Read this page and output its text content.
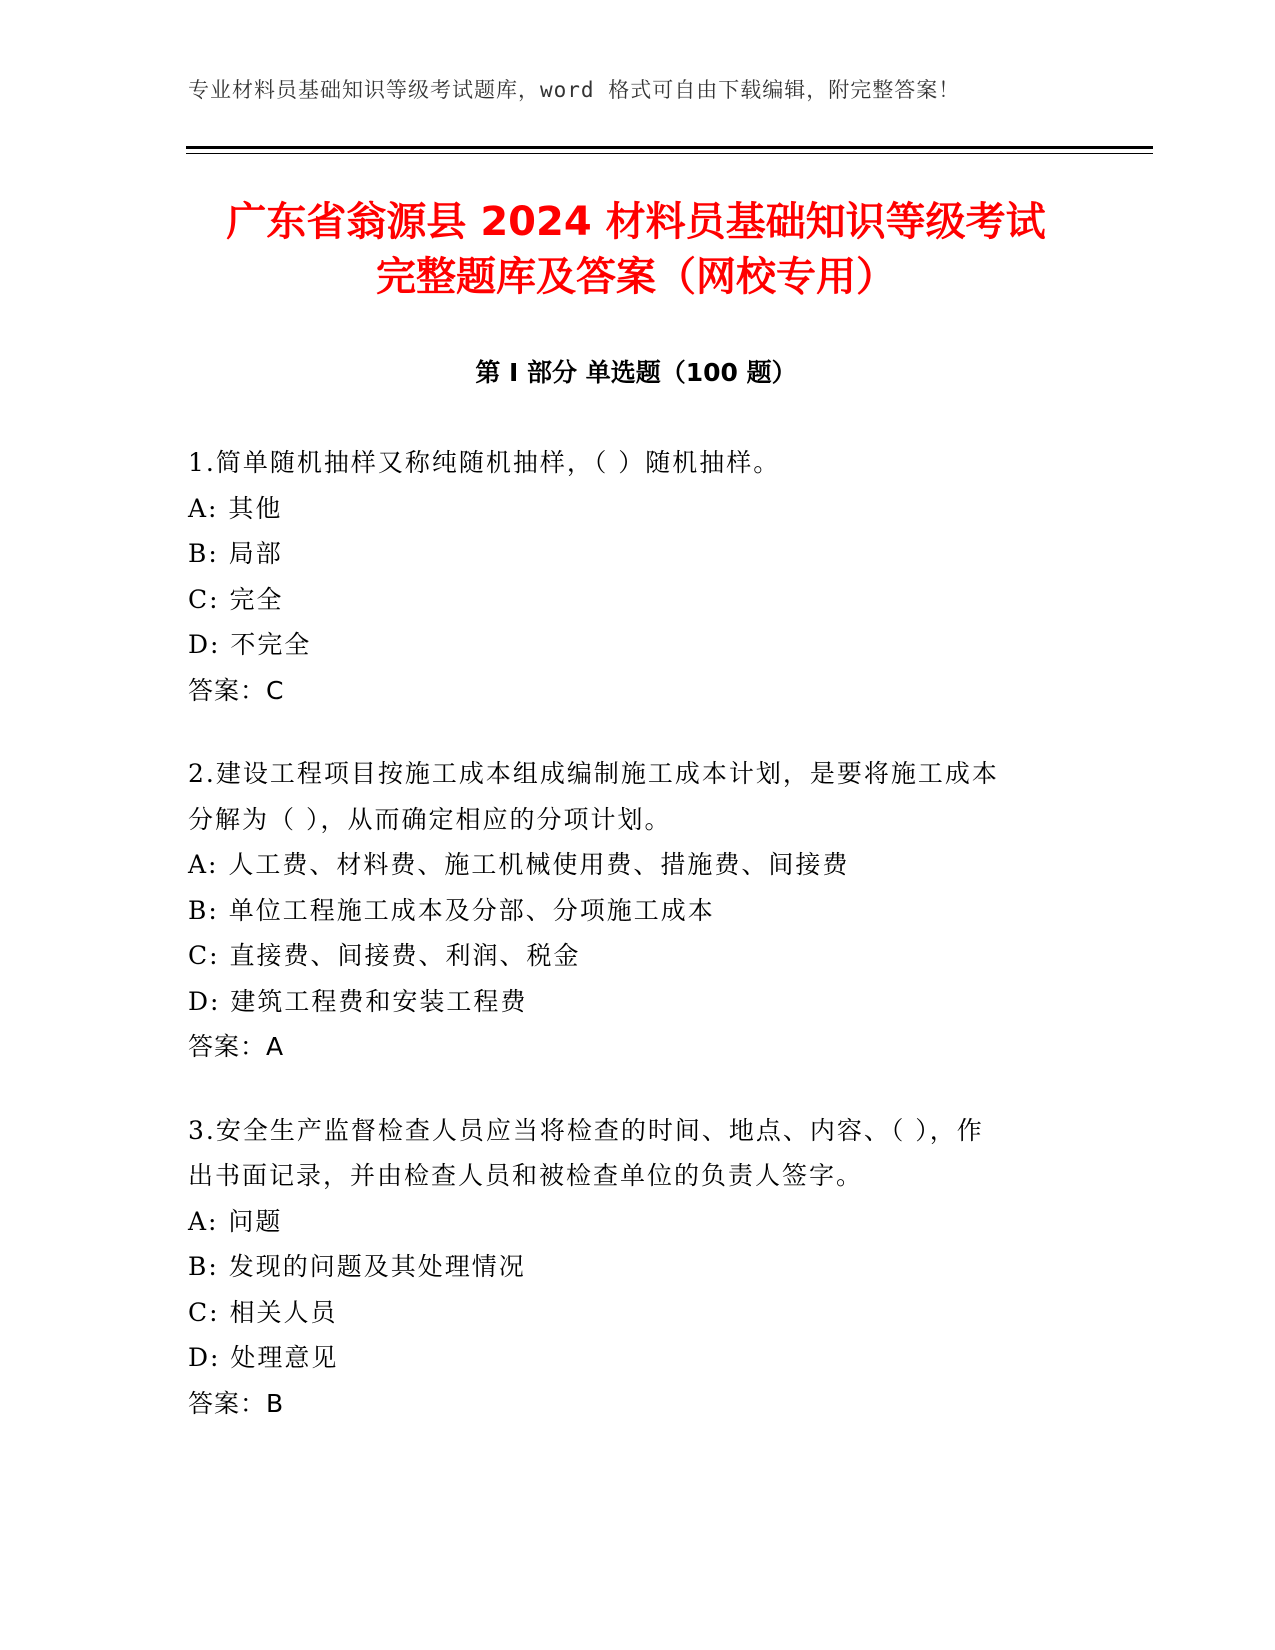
专业材料员基础知识等级考试题库，word 格式可自由下载编辑，附完整答案！
广东省翁源县 2024 材料员基础知识等级考试
完整题库及答案（网校专用）
第 I 部分 单选题（100 题）
1.简单随机抽样又称纯随机抽样，（ ）随机抽样。
A: 其他
B: 局部
C: 完全
D: 不完全
答案：C
2.建设工程项目按施工成本组成编制施工成本计划，是要将施工成本
分解为（ ），从而确定相应的分项计划。
A: 人工费、材料费、施工机械使用费、措施费、间接费
B: 单位工程施工成本及分部、分项施工成本
C: 直接费、间接费、利润、税金
D: 建筑工程费和安装工程费
答案：A
3.安全生产监督检查人员应当将检查的时间、地点、内容、（ ），作
出书面记录，并由检查人员和被检查单位的负责人签字。
A: 问题
B: 发现的问题及其处理情况
C: 相关人员
D: 处理意见
答案：B
